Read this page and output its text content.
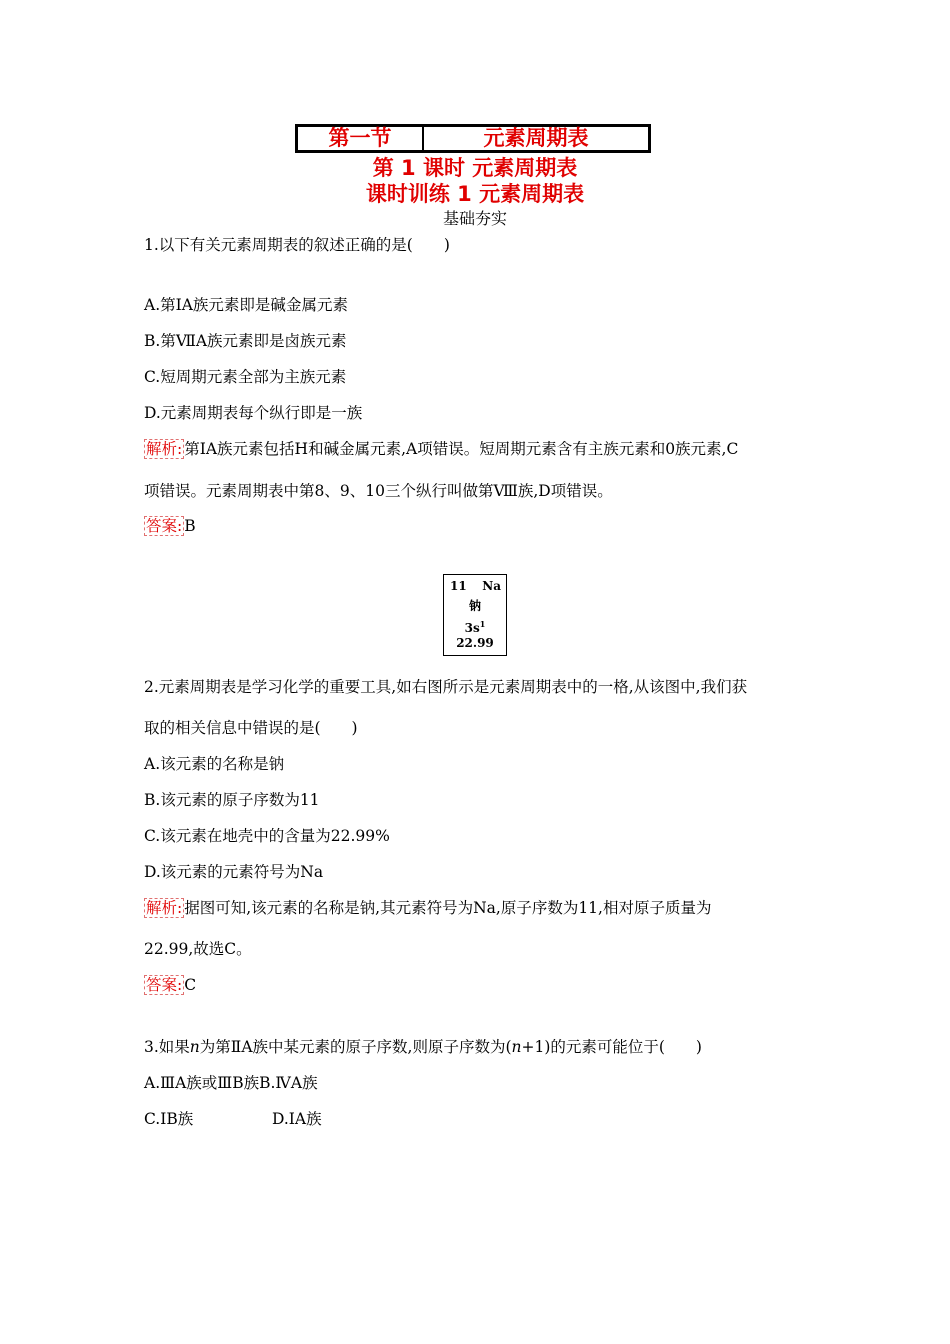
第一节	元素周期表
第 1 课时 元素周期表
课时训练 1 元素周期表
基础夯实
1.以下有关元素周期表的叙述正确的是(　　)
A.第ⅠA族元素即是碱金属元素
B.第ⅦA族元素即是卤族元素
C.短周期元素全部为主族元素
D.元素周期表每个纵行即是一族
解析: 第ⅠA族元素包括H和碱金属元素,A项错误。短周期元素含有主族元素和0族元素,C
项错误。元素周期表中第8、9、10三个纵行叫做第Ⅷ族,D项错误。
答案: B
11 Na
钠
$3s^1$
22.99
2.元素周期表是学习化学的重要工具,如右图所示是元素周期表中的一格,从该图中,我们获
取的相关信息中错误的是(　　)
A.该元素的名称是钠
B.该元素的原子序数为11
C.该元素在地壳中的含量为22.99%
D.该元素的元素符号为Na
解析: 据图可知,该元素的名称是钠,其元素符号为Na,原子序数为11,相对原子质量为
22.99,故选C。
答案: C
3.如果n为第ⅡA族中某元素的原子序数,则原子序数为(n+1)的元素可能位于(　　)
A.ⅢA族或ⅢB族B.ⅣA族
C.ⅠB族	D.ⅠA族
